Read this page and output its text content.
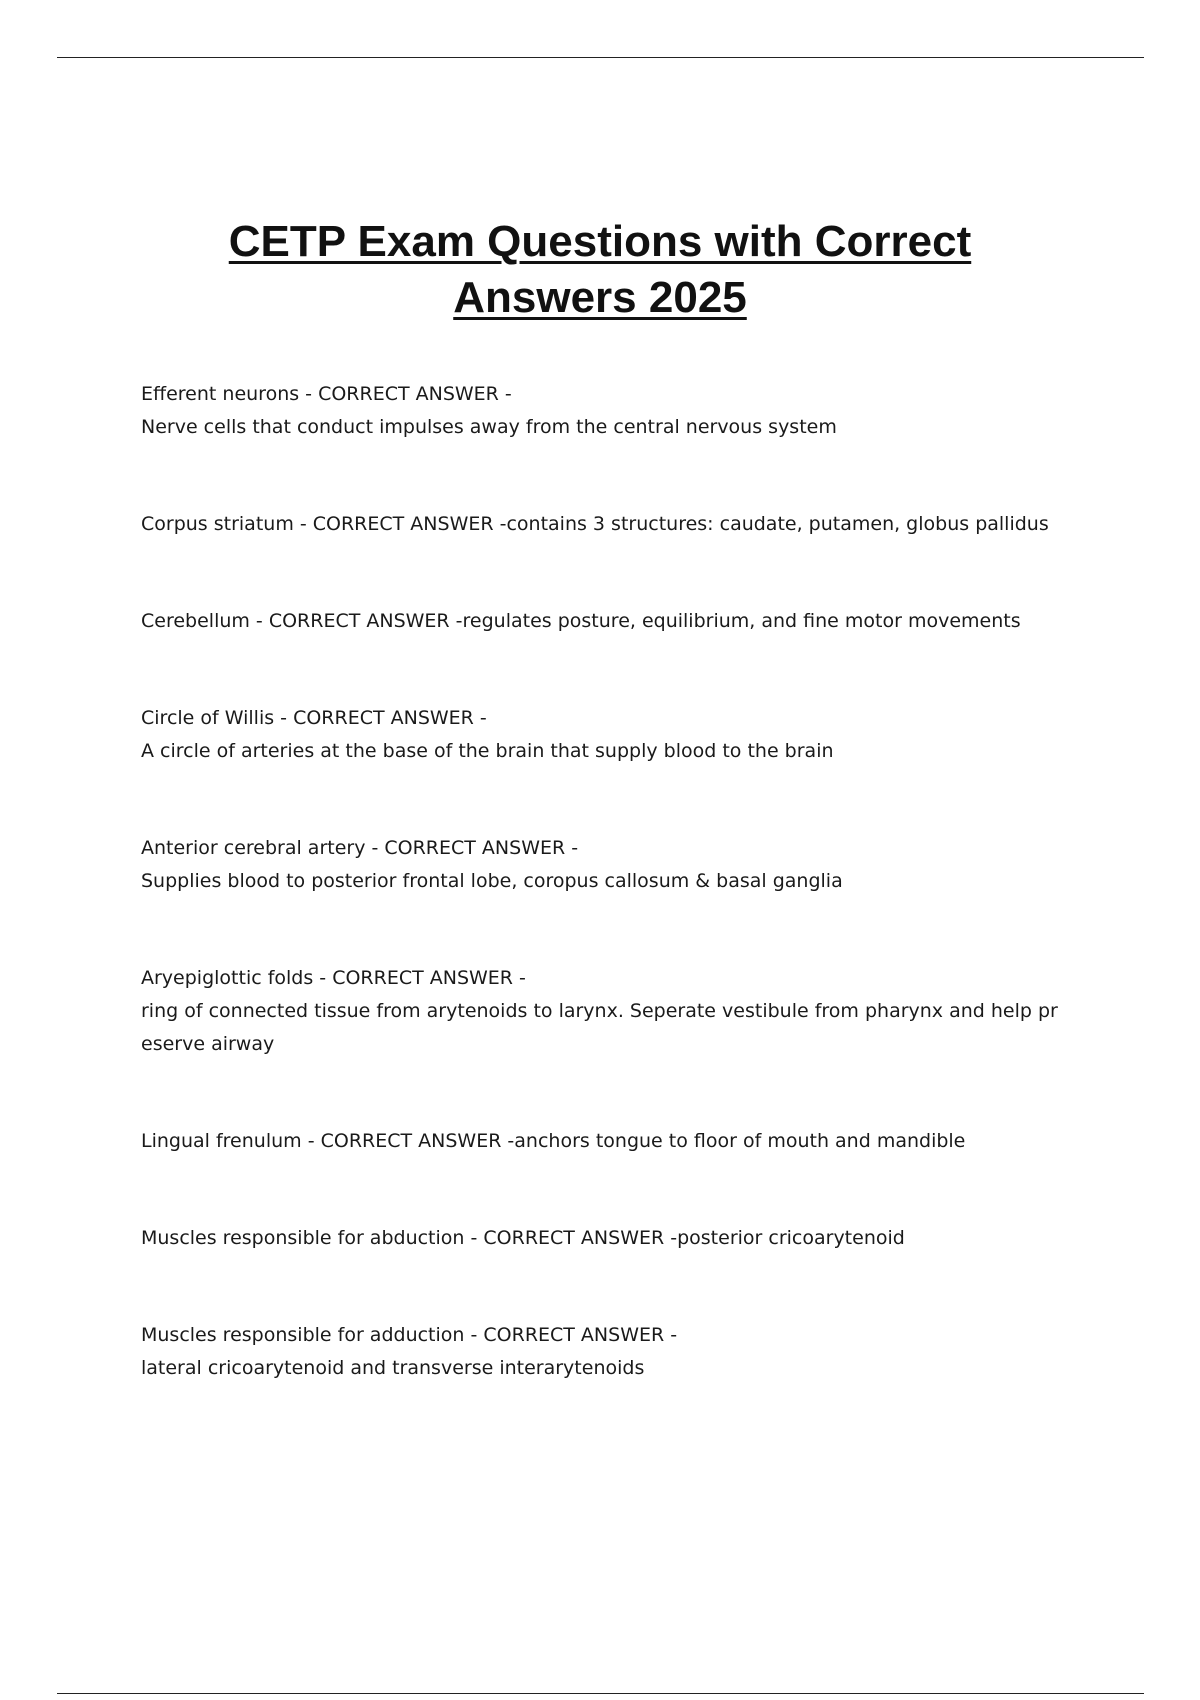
CETP Exam Questions with Correct
Answers 2025
Efferent neurons - CORRECT ANSWER -
Nerve cells that conduct impulses away from the central nervous system
Corpus striatum - CORRECT ANSWER -contains 3 structures: caudate, putamen, globus pallidus
Cerebellum - CORRECT ANSWER -regulates posture, equilibrium, and fine motor movements
Circle of Willis - CORRECT ANSWER -
A circle of arteries at the base of the brain that supply blood to the brain
Anterior cerebral artery - CORRECT ANSWER -
Supplies blood to posterior frontal lobe, coropus callosum & basal ganglia
Aryepiglottic folds - CORRECT ANSWER -
ring of connected tissue from arytenoids to larynx. Seperate vestibule from pharynx and help pr
eserve airway
Lingual frenulum - CORRECT ANSWER -anchors tongue to floor of mouth and mandible
Muscles responsible for abduction - CORRECT ANSWER -posterior cricoarytenoid
Muscles responsible for adduction - CORRECT ANSWER -
lateral cricoarytenoid and transverse interarytenoids
